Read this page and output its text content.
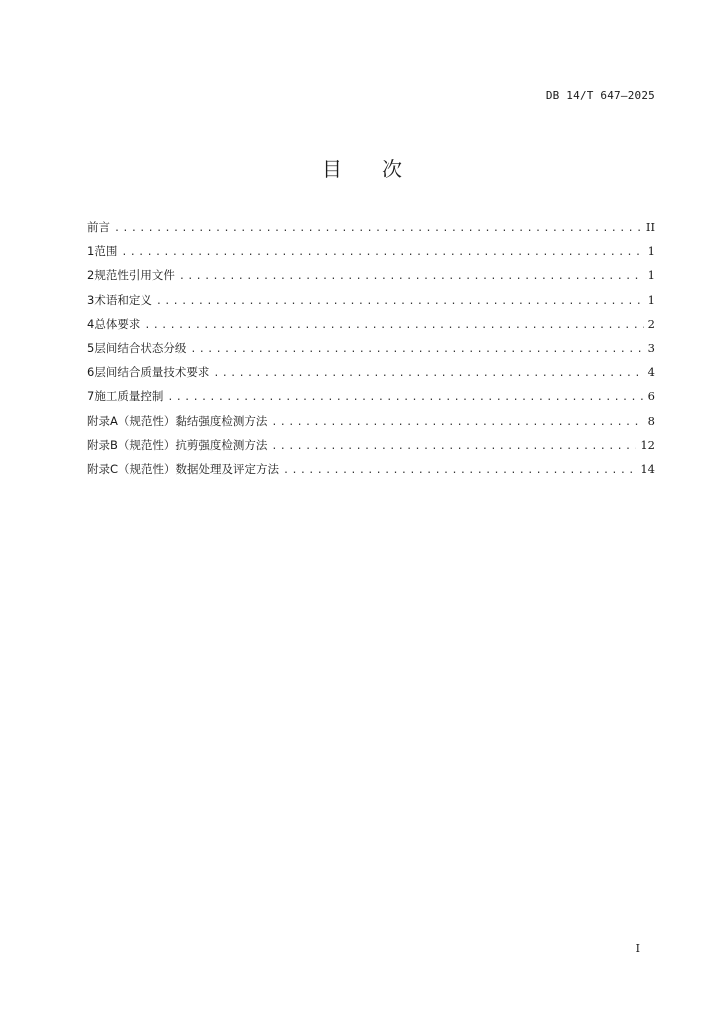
DB 14/T 647—2025
目 次
前言 .....	II
1 范围 .....	1
2 规范性引用文件 .....	1
3 术语和定义 .....	1
4 总体要求 .....	2
5 层间结合状态分级 .....	3
6 层间结合质量技术要求 .....	4
7 施工质量控制 .....	6
附录A（规范性）黏结强度检测方法 .....	8
附录B（规范性）抗剪强度检测方法 .....	12
附录C（规范性）数据处理及评定方法 .....	14
I
